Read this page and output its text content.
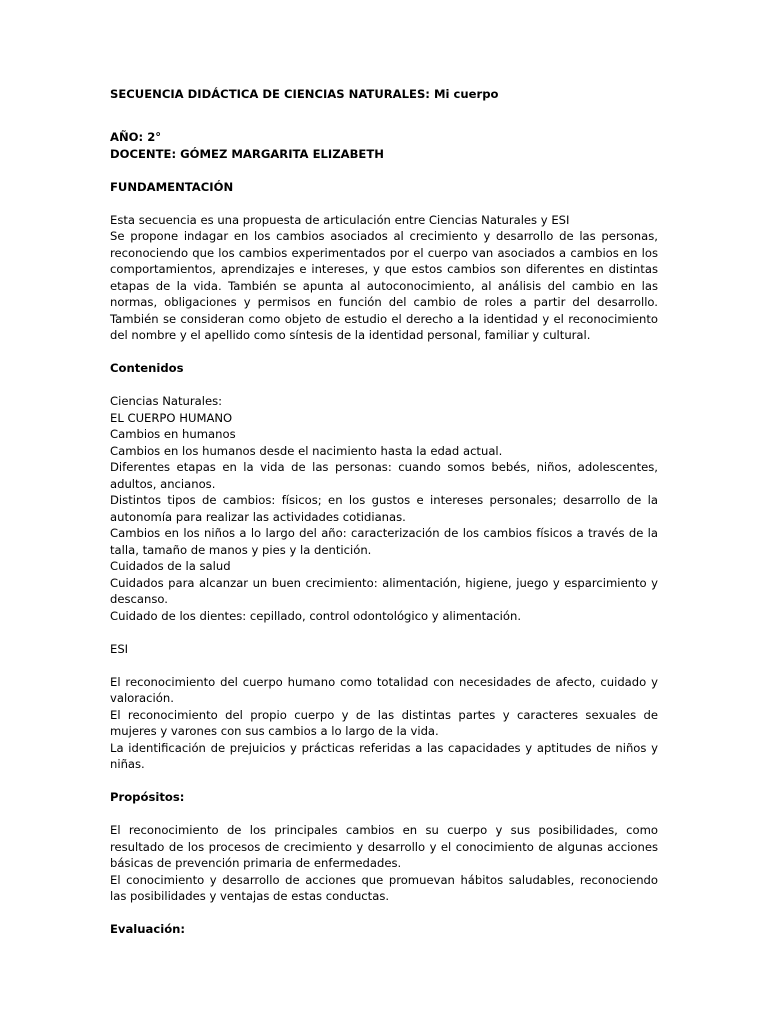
SECUENCIA DIDÁCTICA DE CIENCIAS NATURALES: Mi cuerpo
AÑO: 2°
DOCENTE: GÓMEZ MARGARITA ELIZABETH
FUNDAMENTACIÓN
Esta secuencia es una propuesta de articulación entre Ciencias Naturales y ESI
Se propone indagar en los cambios asociados al crecimiento y desarrollo de las personas, reconociendo que los cambios experimentados por el cuerpo van asociados a cambios en los comportamientos, aprendizajes e intereses, y que estos cambios son diferentes en distintas etapas de la vida. También se apunta al autoconocimiento, al análisis del cambio en las normas, obligaciones y permisos en función del cambio de roles a partir del desarrollo. También se consideran como objeto de estudio el derecho a la identidad y el reconocimiento del nombre y el apellido como síntesis de la identidad personal, familiar y cultural.
Contenidos
Ciencias Naturales:
EL CUERPO HUMANO
Cambios en humanos
Cambios en los humanos desde el nacimiento hasta la edad actual.
Diferentes etapas en la vida de las personas: cuando somos bebés, niños, adolescentes, adultos, ancianos.
Distintos tipos de cambios: físicos; en los gustos e intereses personales; desarrollo de la autonomía para realizar las actividades cotidianas.
Cambios en los niños a lo largo del año: caracterización de los cambios físicos a través de la talla, tamaño de manos y pies y la dentición.
Cuidados de la salud
Cuidados para alcanzar un buen crecimiento: alimentación, higiene, juego y esparcimiento y descanso.
Cuidado de los dientes: cepillado, control odontológico y alimentación.
ESI
El reconocimiento del cuerpo humano como totalidad con necesidades de afecto, cuidado y valoración.
El reconocimiento del propio cuerpo y de las distintas partes y caracteres sexuales de mujeres y varones con sus cambios a lo largo de la vida.
La identificación de prejuicios y prácticas referidas a las capacidades y aptitudes de niños y niñas.
Propósitos:
El reconocimiento de los principales cambios en su cuerpo y sus posibilidades, como resultado de los procesos de crecimiento y desarrollo y el conocimiento de algunas acciones básicas de prevención primaria de enfermedades.
El conocimiento y desarrollo de acciones que promuevan hábitos saludables, reconociendo las posibilidades y ventajas de estas conductas.
Evaluación:
